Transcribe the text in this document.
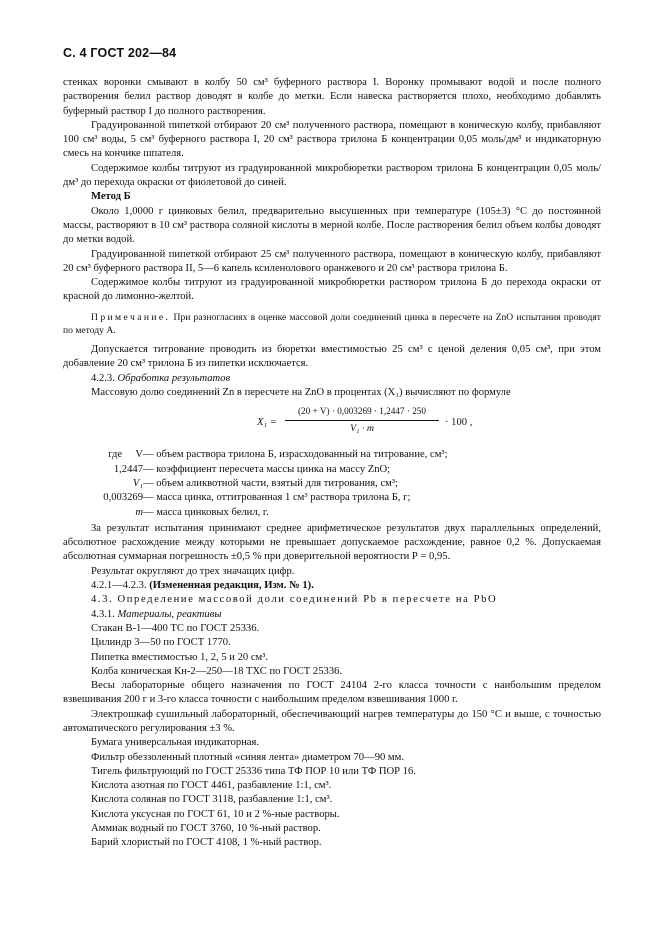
С. 4 ГОСТ 202—84

стенках воронки смывают в колбу 50 см³ буферного раствора I. Воронку промывают водой и после полного растворения белил раствор доводят в колбе до метки. Если навеска растворяется плохо, необходимо добавлять буферный раствор I до полного растворения.

Градуированной пипеткой отбирают 20 см³ полученного раствора, помещают в коническую колбу, прибавляют 100 см³ воды, 5 см³ буферного раствора I, 20 см³ раствора трилона Б концентрации 0,05 моль/дм³ и индикаторную смесь на кончике шпателя.

Содержимое колбы титруют из градуированной микробюретки раствором трилона Б концентрации 0,05 моль/дм³ до перехода окраски от фиолетовой до синей.

Метод Б

Около 1,0000 г цинковых белил, предварительно высушенных при температуре (105±3) °С до постоянной массы, растворяют в 10 см³ раствора соляной кислоты в мерной колбе. После растворения белил объем колбы доводят до метки водой.

Градуированной пипеткой отбирают 25 см³ полученного раствора, помещают в коническую колбу, прибавляют 20 см³ буферного раствора II, 5—6 капель ксиленолового оранжевого и 20 см³ раствора трилона Б.

Содержимое колбы титруют из градуированной микробюретки раствором трилона Б до перехода окраски от красной до лимонно-желтой.

Примечание. При разногласиях в оценке массовой доли соединений цинка в пересчете на ZnO испытания проводят по методу А.

Допускается титрование проводить из бюретки вместимостью 25 см³ с ценой деления 0,05 см³, при этом добавление 20 см³ трилона Б из пипетки исключается.

4.2.3. Обработка результатов

Массовую долю соединений Zn в пересчете на ZnO в процентах (X₁) вычисляют по формуле

$X_1 = \frac{(20 + V) \cdot 0,003269 \cdot 1,2447 \cdot 250}{\text{V₁ · m}} \cdot 100$ ,
где     V — объем раствора трилона Б, израсходованный на титрование, см³;
1,2447 — коэффициент пересчета массы цинка на массу ZnO;
V₁ — объем аликвотной части, взятый для титрования, см³;
0,003269 — масса цинка, оттитрованная 1 см³ раствора трилона Б, г;
m — масса цинковых белил, г.

За результат испытания принимают среднее арифметическое результатов двух параллельных определений, абсолютное расхождение между которыми не превышает допускаемое расхождение, равное 0,2 %. Допускаемая абсолютная суммарная погрешность ±0,5 % при доверительной вероятности Р = 0,95.

Результат округляют до трех значащих цифр.

4.2.1—4.2.3. (Измененная редакция, Изм. № 1).

4.3. Определение массовой доли соединений Pb в пересчете на PbO

4.3.1. Материалы, реактивы

Стакан В-1—400 ТС по ГОСТ 25336.

Цилиндр 3—50 по ГОСТ 1770.

Пипетка вместимостью 1, 2, 5 и 20 см³.

Колба коническая Кн-2—250—18 ТХС по ГОСТ 25336.

Весы лабораторные общего назначения по ГОСТ 24104 2-го класса точности с наибольшим пределом взвешивания 200 г и 3-го класса точности с наибольшим пределом взвешивания 1000 г.

Электрошкаф сушильный лабораторный, обеспечивающий нагрев температуры до 150 °С и выше, с точностью автоматического регулирования ±3 %.

Бумага универсальная индикаторная.

Фильтр обеззоленный плотный «синяя лента» диаметром 70—90 мм.

Тигель фильтрующий по ГОСТ 25336 типа ТФ ПОР 10 или ТФ ПОР 16.

Кислота азотная по ГОСТ 4461, разбавление 1:1, см³.

Кислота соляная по ГОСТ 3118, разбавление 1:1, см³.

Кислота уксусная по ГОСТ 61, 10 и 2 %-ные растворы.

Аммиак водный по ГОСТ 3760, 10 %-ный раствор.

Барий хлористый по ГОСТ 4108, 1 %-ный раствор.
